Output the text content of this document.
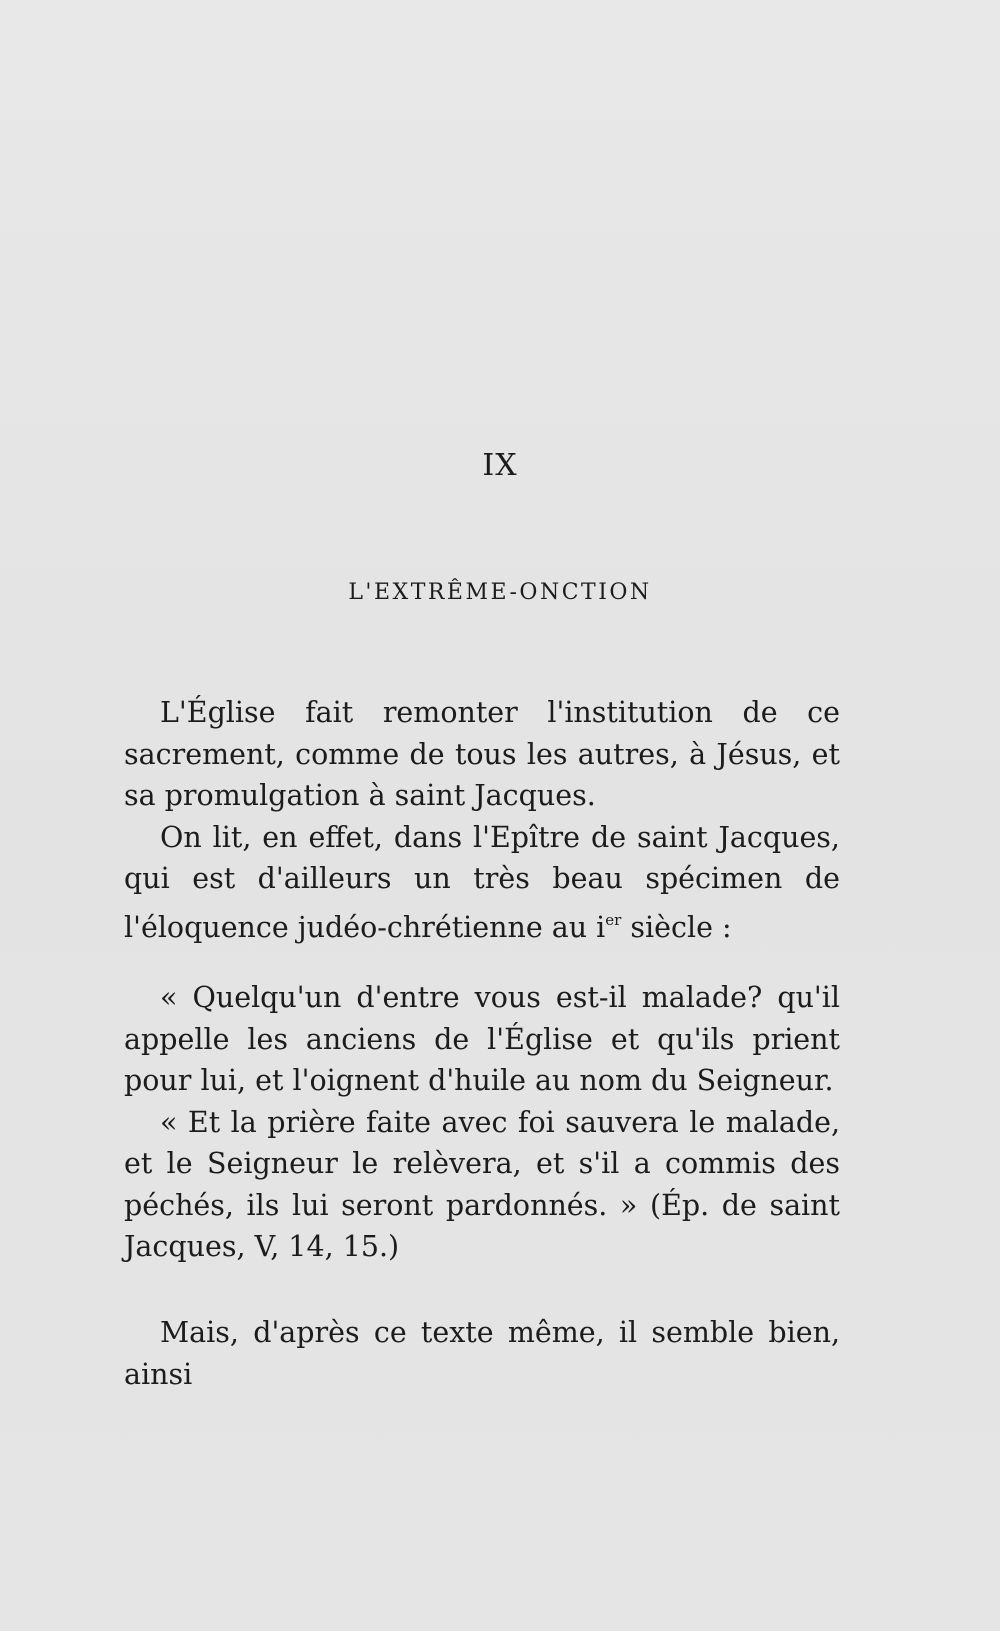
IX
L'EXTRÊME-ONCTION

L'Église fait remonter l'institution de ce sacrement, comme de tous les autres, à Jésus, et sa promulgation à saint Jacques.

On lit, en effet, dans l'Epître de saint Jacques, qui est d'ailleurs un très beau spécimen de l'éloquence judéo-chrétienne au $i^{er}$ siècle :

« Quelqu'un d'entre vous est-il malade? qu'il appelle les anciens de l'Église et qu'ils prient pour lui, et l'oignent d'huile au nom du Seigneur.

« Et la prière faite avec foi sauvera le malade, et le Seigneur le relèvera, et s'il a commis des péchés, ils lui seront pardonnés. » (Ép. de saint Jacques, V, 14, 15.)

Mais, d'après ce texte même, il semble bien, ainsi
